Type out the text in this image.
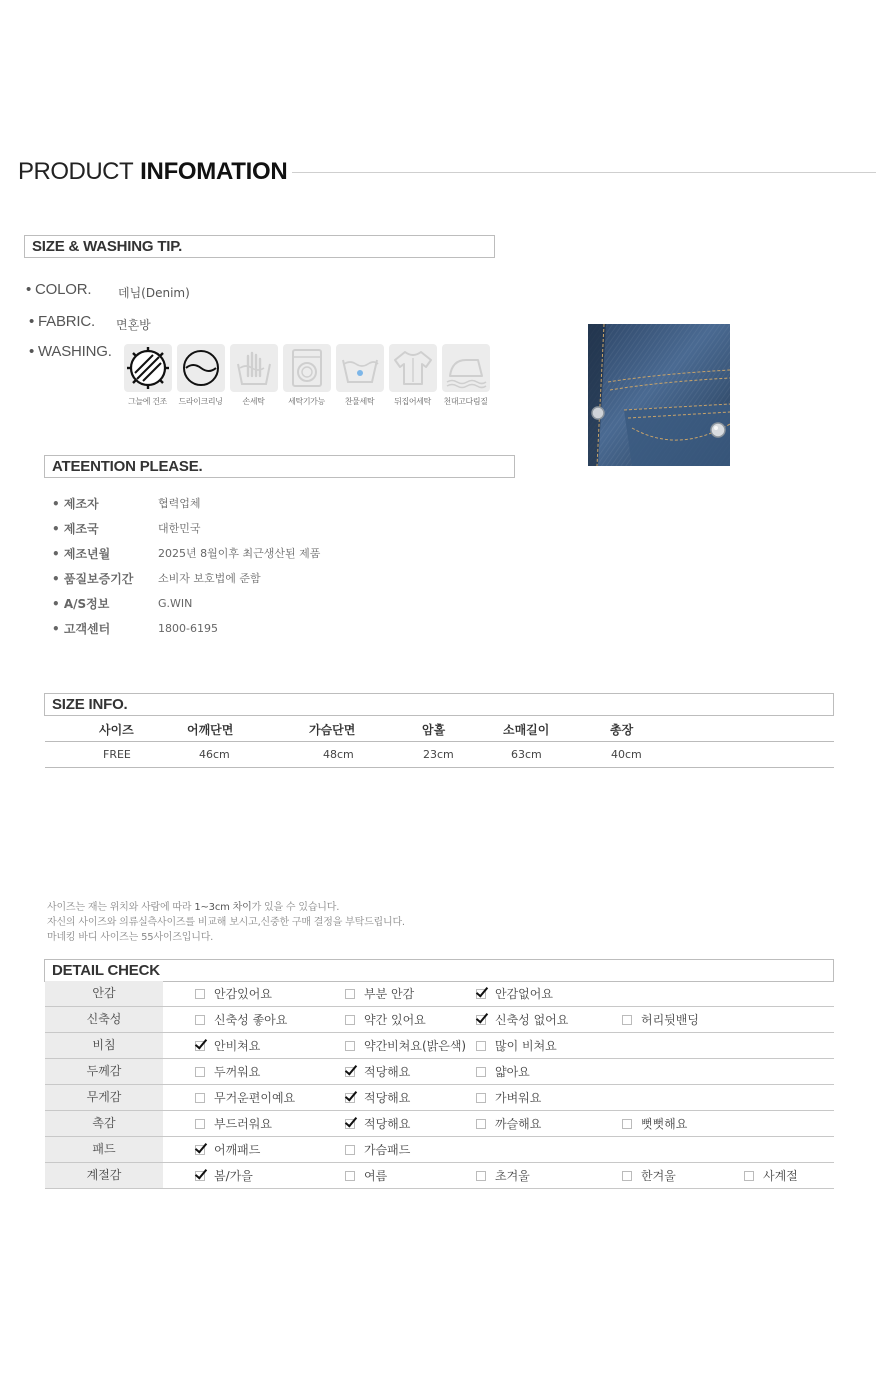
PRODUCT INFOMATION
SIZE & WASHING TIP.
• COLOR. 데님(Denim)
• FABRIC. 면혼방
• WASHING.
그늘에 건조 드라이크리닝	손세탁	세탁기가능	찬물세탁	뒤집어세탁 천대고다림질
ATEENTION PLEASE.
• 제조자	협력업체
• 제조국	대한민국
• 제조년월	2025년 8월이후 최근생산된 제품
• 품질보증기간	소비자 보호법에 준함
• A/S정보	G.WIN
• 고객센터	1800-6195
SIZE INFO.
사이즈	어깨단면	가슴단면	암홀	소매길이	총장
FREE	46cm	48cm	23cm	63cm	40cm
사이즈는 재는 위치와 사람에 따라 1~3cm 차이가 있을 수 있습니다.
자신의 사이즈와 의류실측사이즈를 비교해 보시고,신중한 구매 결정을 부탁드립니다.
마네킹 바디 사이즈는 55사이즈입니다.
DETAIL CHECK
안감	안감있어요	부분 안감	안감없어요
신축성	신축성 좋아요	약간 있어요	신축성 없어요	허리뒷밴딩
비침	안비쳐요	약간비쳐요(밝은색) 많이 비쳐요
두께감	두꺼워요	적당해요	얇아요
무게감	무거운편이예요	적당해요	가벼워요
촉감	부드러워요	적당해요	까슬해요	뻣뻣해요
패드	어깨패드	가슴패드
계절감	봄/가을	여름	초겨울	한겨울	사계절
